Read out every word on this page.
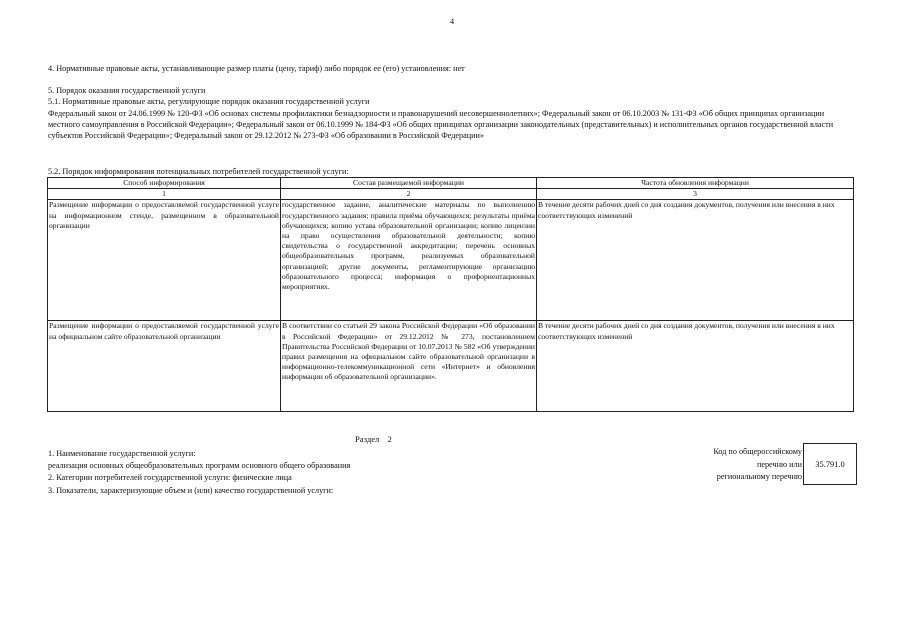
4
4. Нормативные правовые акты, устанавливающие размер платы (цену, тариф) либо порядок ее (его) установления: нет
5. Порядок оказания государственной услуги
5.1. Нормативные правовые акты, регулирующие порядок оказания государственной услуги
Федеральный закон от 24.06.1999 № 120-ФЗ «Об основах системы профилактики безнадзорности и правонарушений несовершеннолетних»; Федеральный закон от 06.10.2003 № 131-ФЗ «Об общих принципах организации местного самоуправления в Российской Федерации»; Федеральный закон от 06.10.1999 № 184-ФЗ «Об общих принципах организации законодательных (представительных) и исполнительных органов государственной власти субъектов Российской Федерации»; Федеральный закон от 29.12.2012 № 273-ФЗ «Об образовании в Российской Федерации»
5.2. Порядок информирования потенциальных потребителей государственной услуги:
Способ информирования	Состав размещаемой информации	Частота обновления информации
1	2	3
Размещение информации о предоставляемой государственной услуге на информационном стенде, размещенном в образовательной организации	государственное задание, аналитические материалы по выполнению государственного задания; правила приёма обучающихся; результаты приёма обучающихся; копию устава образовательной организации; копию лицензии на право осуществления образовательной деятельности; копию свидетельства о государственной аккредитации; перечень основных общеобразовательных программ, реализуемых образовательной организацией; другие документы, регламентирующие организацию образовательного процесса; информация о профориентационных мероприятиях.	В течение десяти рабочих дней со дня создания документов, получения или внесения в них соответствующих изменений
Размещение информации о предоставляемой государственной услуге на официальном сайте образовательной организации	В соответствии со статьей 29 закона Российской Федерации «Об образовании в Российской Федерации» от 29.12.2012 № 273, постановлением Правительства Российской Федерации от 10.07.2013 № 582 «Об утверждении правил размещения на официальном сайте образовательной организации в информационно-телекоммуникационной сети «Интернет» и обновления информации об образовательной организации».	В течение десяти рабочих дней со дня создания документов, получения или внесения в них соответствующих изменений
Раздел 2
1. Наименование государственной услуги:
реализация основных общеобразовательных программ основного общего образования
2. Категории потребителей государственной услуги: физические лица
3. Показатели, характеризующие объем и (или) качество государственной услуги:
Код по общероссийскому
перечню или
региональному перечню
35.791.0
